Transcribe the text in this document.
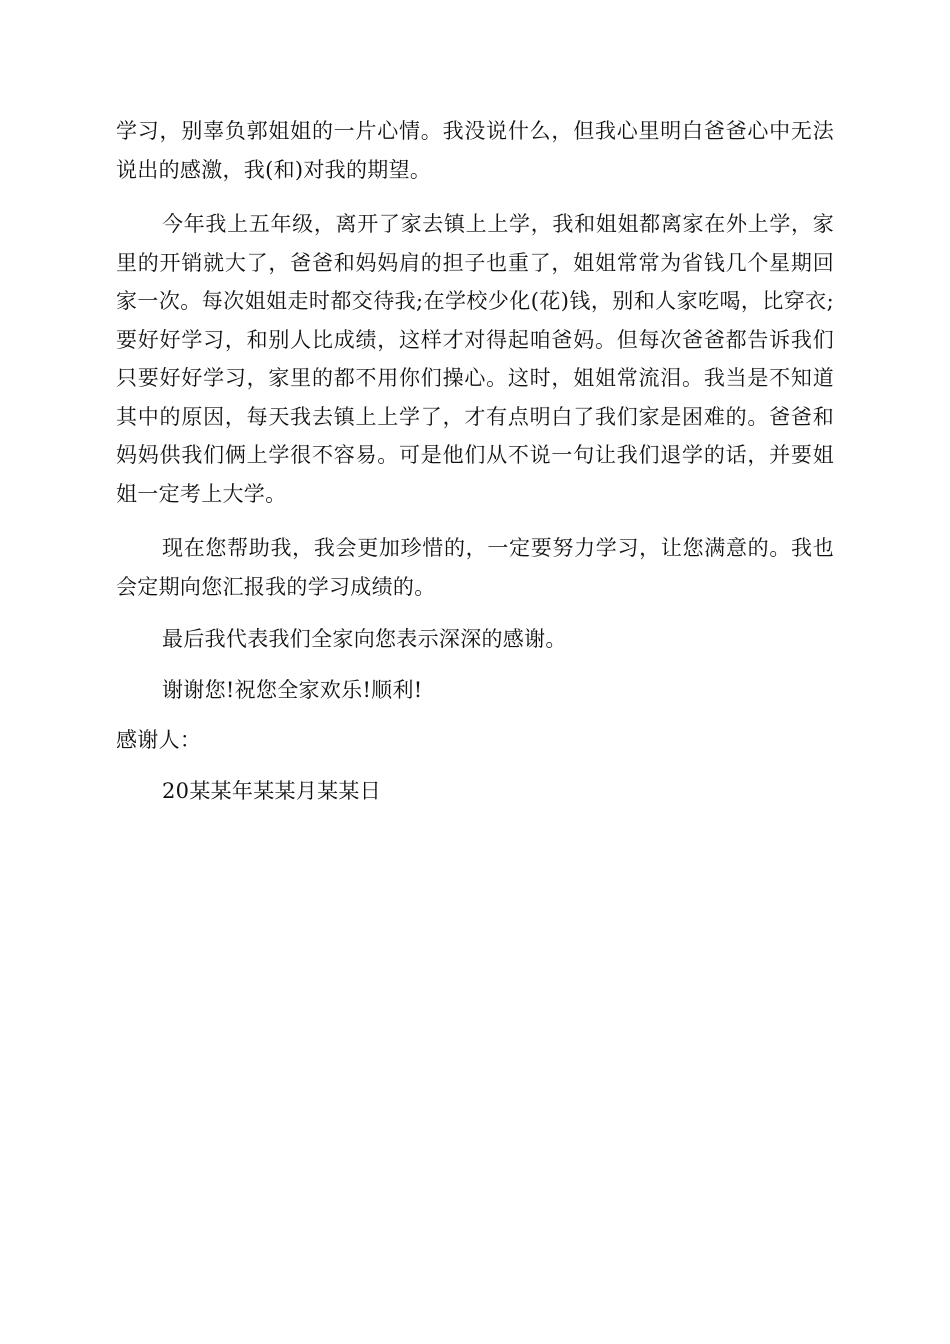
学习，别辜负郭姐姐的一片心情。我没说什么，但我心里明白爸爸心中无法说出的感激，我(和)对我的期望。

今年我上五年级，离开了家去镇上上学，我和姐姐都离家在外上学，家里的开销就大了，爸爸和妈妈肩的担子也重了，姐姐常常为省钱几个星期回家一次。每次姐姐走时都交待我;在学校少化(花)钱，别和人家吃喝，比穿衣;要好好学习，和别人比成绩，这样才对得起咱爸妈。但每次爸爸都告诉我们只要好好学习，家里的都不用你们操心。这时，姐姐常流泪。我当是不知道其中的原因，每天我去镇上上学了，才有点明白了我们家是困难的。爸爸和妈妈供我们俩上学很不容易。可是他们从不说一句让我们退学的话，并要姐姐一定考上大学。

现在您帮助我，我会更加珍惜的，一定要努力学习，让您满意的。我也会定期向您汇报我的学习成绩的。

最后我代表我们全家向您表示深深的感谢。

谢谢您!祝您全家欢乐!顺利!

感谢人：

20某某年某某月某某日
